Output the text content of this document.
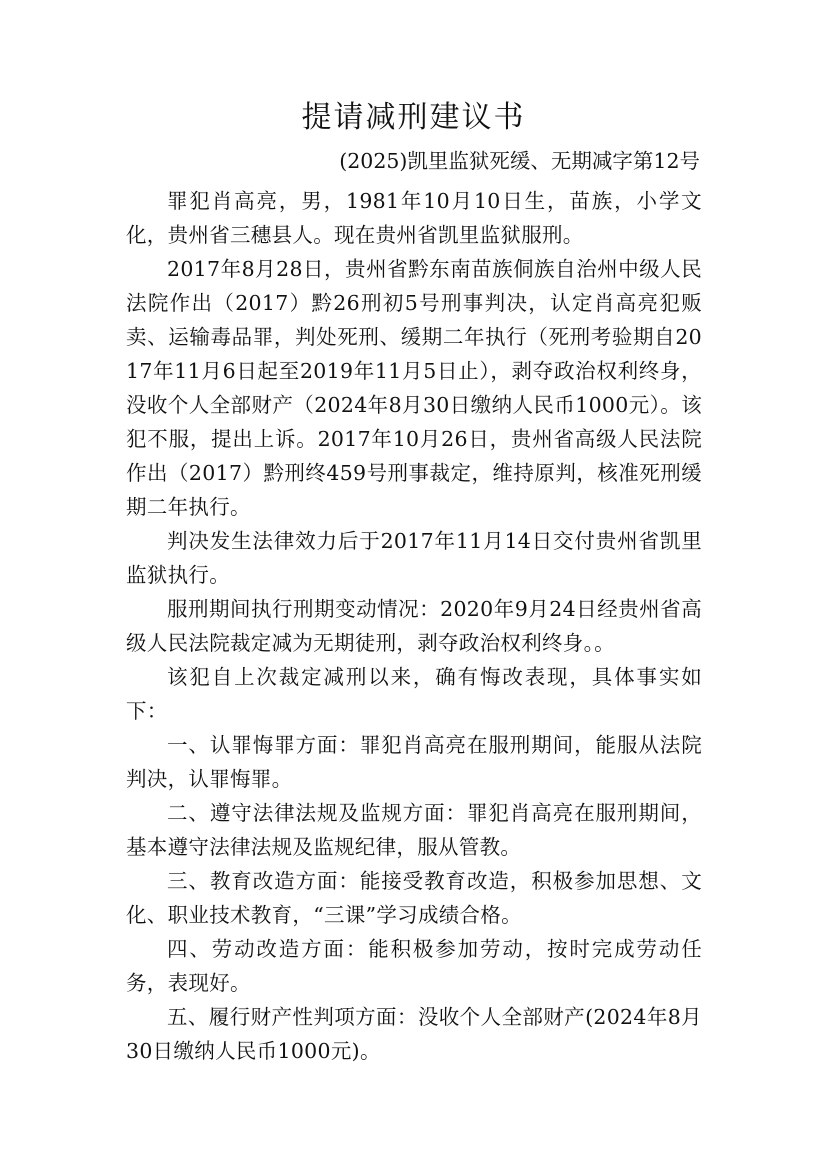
提请减刑建议书
(2025)凯里监狱死缓、无期减字第12号

罪犯肖高亮，男，1981年10月10日生，苗族，小学文化，贵州省三穗县人。现在贵州省凯里监狱服刑。

2017年8月28日，贵州省黔东南苗族侗族自治州中级人民法院作出（2017）黔26刑初5号刑事判决，认定肖高亮犯贩卖、运输毒品罪，判处死刑、缓期二年执行（死刑考验期自2017年11月6日起至2019年11月5日止），剥夺政治权利终身，没收个人全部财产（2024年8月30日缴纳人民币1000元）。该犯不服，提出上诉。2017年10月26日，贵州省高级人民法院作出（2017）黔刑终459号刑事裁定，维持原判，核准死刑缓期二年执行。

判决发生法律效力后于2017年11月14日交付贵州省凯里监狱执行。

服刑期间执行刑期变动情况：2020年9月24日经贵州省高级人民法院裁定减为无期徒刑，剥夺政治权利终身。。

该犯自上次裁定减刑以来，确有悔改表现，具体事实如下：

一、认罪悔罪方面：罪犯肖高亮在服刑期间，能服从法院判决，认罪悔罪。

二、遵守法律法规及监规方面：罪犯肖高亮在服刑期间，基本遵守法律法规及监规纪律，服从管教。

三、教育改造方面：能接受教育改造，积极参加思想、文化、职业技术教育，“三课”学习成绩合格。

四、劳动改造方面：能积极参加劳动，按时完成劳动任务，表现好。

五、履行财产性判项方面：没收个人全部财产(2024年8月30日缴纳人民币1000元)。
